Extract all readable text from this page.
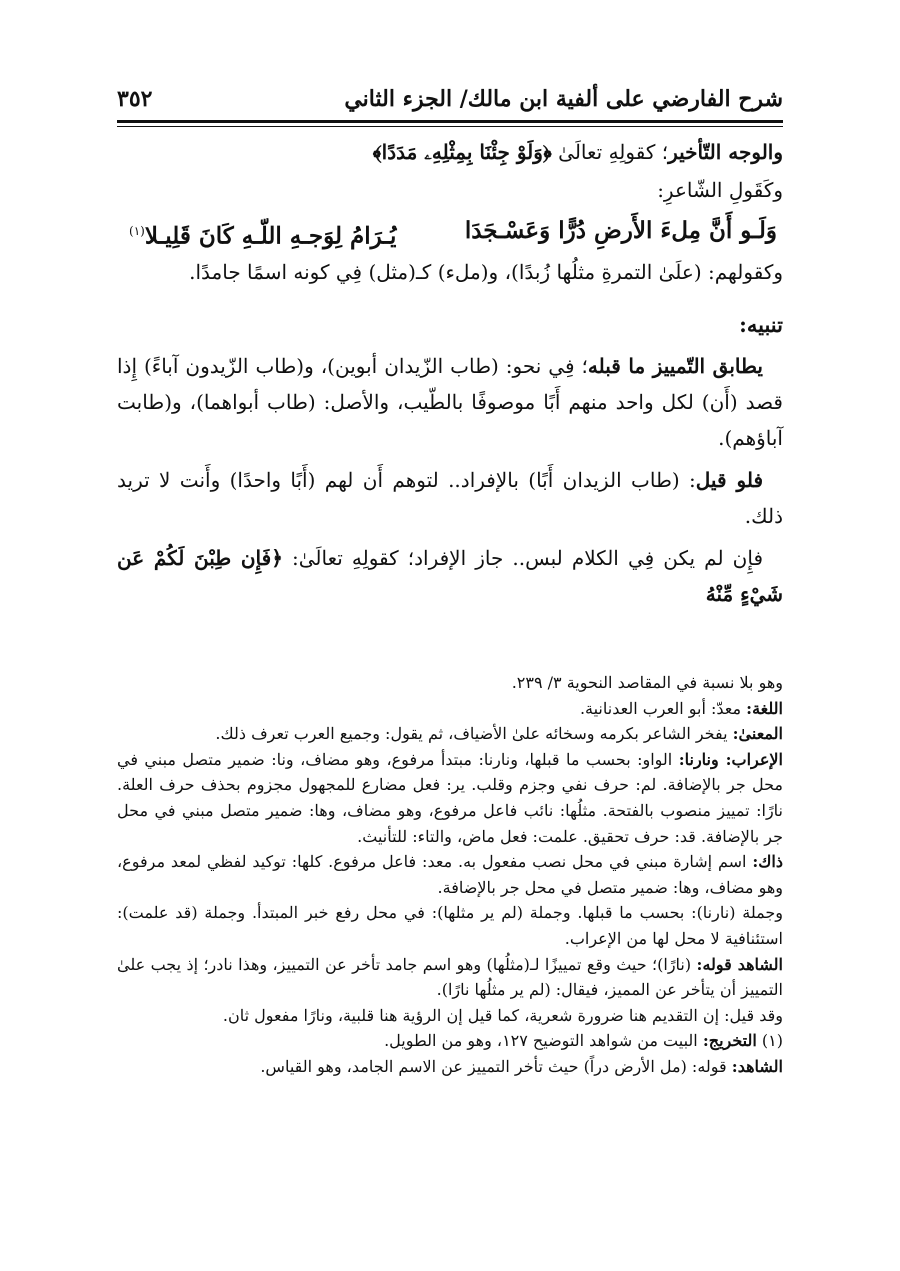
شرح الفارضي على ألفية ابن مالك/ الجزء الثاني
٣٥٢

والوجه التّأخير؛ كقولِهِ تعالَىٰ ﴿وَلَوْ جِئْنَا بِمِثْلِهِۦ مَدَدًا﴾

وكَقَولِ الشّاعرِ:

وَلَـو أَنَّ مِلءَ الأَرضِ دُرًّا وَعَسْـجَدَا
يُـرَامُ لِوَجـهِ اللّـهِ كَانَ قَلِيـلا$^{(١)}$

وكقولهم: (علَىٰ التمرةِ مثلُها زُبدًا)، و(ملء) كـ(مثل) فِي كونه اسمًا جامدًا.

تنبيه:

يطابق التّمييز ما قبله؛ فِي نحو: (طاب الزّيدان أبوين)، و(طاب الزّيدون آباءً) إِذا قصد (أَن) لكل واحد منهم أَبًا موصوفًا بالطّيب، والأصل: (طاب أبواهما)، و(طابت آباؤهم).

فلو قيل: (طاب الزيدان أَبًا) بالإفراد.. لتوهم أَن لهم (أَبًا واحدًا) وأَنت لا تريد ذلك.

فإِن لم يكن فِي الكلام لبس.. جاز الإفراد؛ كقولِهِ تعالَىٰ: ﴿فَإِن طِبْنَ لَكُمْ عَن شَيْءٍ مِّنْهُ

وهو بلا نسبة في المقاصد النحوية ٣/ ٢٣٩.

اللغة: معدّ: أبو العرب العدنانية.

المعنىٰ: يفخر الشاعر بكرمه وسخائه علىٰ الأضياف، ثم يقول: وجميع العرب تعرف ذلك.

الإعراب: ونارنا: الواو: بحسب ما قبلها، ونارنا: مبتدأ مرفوع، وهو مضاف، ونا: ضمير متصل مبني في محل جر بالإضافة. لم: حرف نفي وجزم وقلب. ير: فعل مضارع للمجهول مجزوم بحذف حرف العلة. نارًا: تمييز منصوب بالفتحة. مثلُها: نائب فاعل مرفوع، وهو مضاف، وها: ضمير متصل مبني في محل جر بالإضافة. قد: حرف تحقيق. علمت: فعل ماض، والتاء: للتأنيث.

ذاك: اسم إشارة مبني في محل نصب مفعول به. معد: فاعل مرفوع. كلها: توكيد لفظي لمعد مرفوع، وهو مضاف، وها: ضمير متصل في محل جر بالإضافة.

وجملة (نارنا): بحسب ما قبلها. وجملة (لم ير مثلها): في محل رفع خبر المبتدأ. وجملة (قد علمت): استئنافية لا محل لها من الإعراب.

الشاهد قوله: (نارًا)؛ حيث وقع تمييزًا لـ(مثلُها) وهو اسم جامد تأخر عن التمييز، وهذا نادر؛ إذ يجب علىٰ التمييز أن يتأخر عن المميز، فيقال: (لم ير مثلُها نارًا).

وقد قيل: إن التقديم هنا ضرورة شعرية، كما قيل إن الرؤية هنا قلبية، ونارًا مفعول ثان.

(١) التخريج: البيت من شواهد التوضيح ١٢٧، وهو من الطويل.

الشاهد: قوله: (مل الأرض دراً) حيث تأخر التمييز عن الاسم الجامد، وهو القياس.
